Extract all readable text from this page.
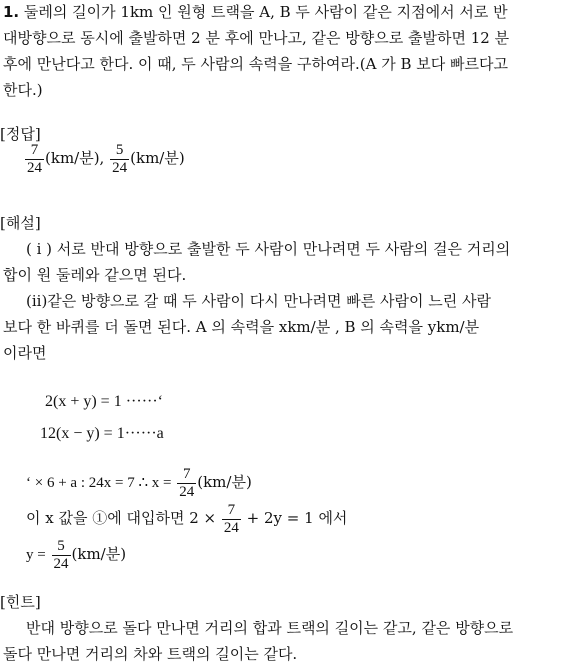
1. 둘레의 길이가 1km 인 원형 트랙을 A, B 두 사람이 같은 지점에서 서로 반
대방향으로 동시에 출발하면 2 분 후에 만나고, 같은 방향으로 출발하면 12 분
후에 만난다고 한다. 이 때, 두 사람의 속력을 구하여라.(A 가 B 보다 빠르다고
한다.)
[정답]
$\frac{7}{24} (km/$분), $\frac{5}{24} (km/$분)
[해설]
( i ) 서로 반대 방향으로 출발한 두 사람이 만나려면 두 사람의 걸은 거리의
합이 원 둘레와 같으면 된다.
(ii)같은 방향으로 갈 때 두 사람이 다시 만나려면 빠른 사람이 느린 사람
보다 한 바퀴를 더 돌면 된다. A 의 속력을 xkm/분 , B 의 속력을 ykm/분
이라면
2(x + y) = 1 ······‘
12(x − y) = 1······a
‘ × 6 + a : 24x = 7 ∴ $x = \frac{7}{24} (km/$분)
이 x 값을 ①에 대입하면 $2 \times \frac{7}{24} + 2y = 1$ 에서
$y = \frac{5}{24} (km/$분)
[힌트]
반대 방향으로 돌다 만나면 거리의 합과 트랙의 길이는 같고, 같은 방향으로
돌다 만나면 거리의 차와 트랙의 길이는 같다.
